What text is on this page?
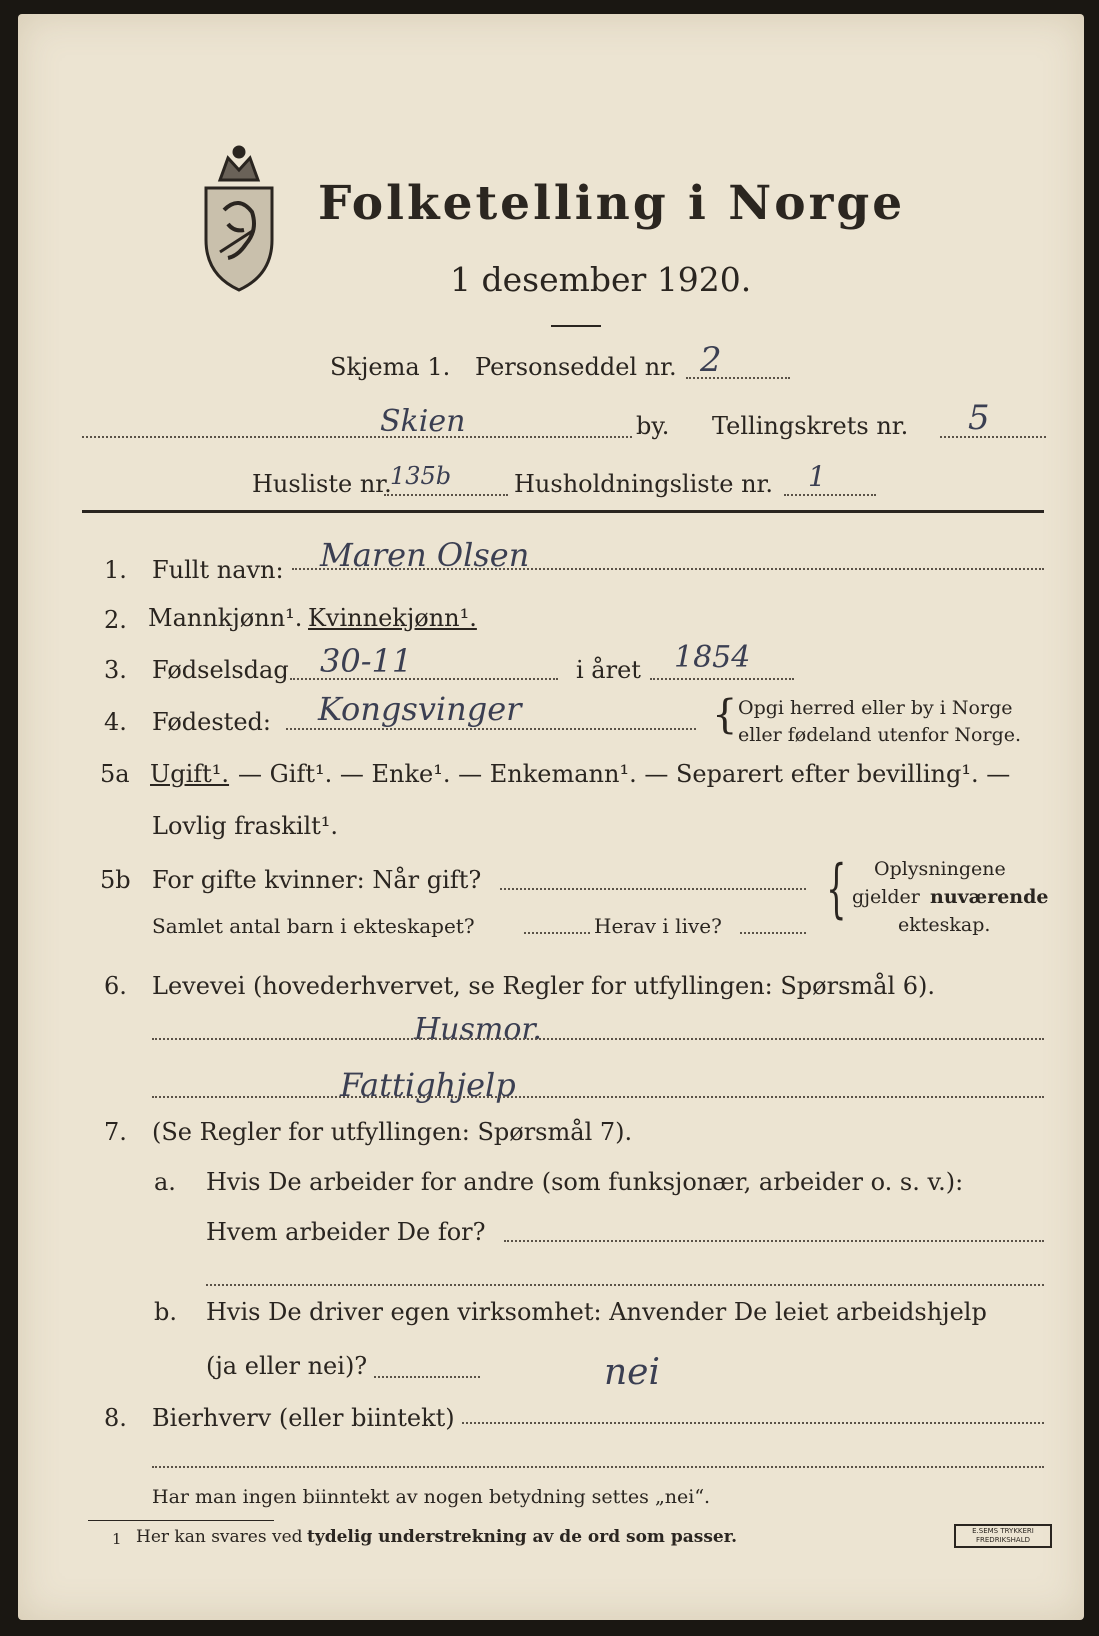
Folketelling i Norge
1 desember 1920.
Skjema 1. Personseddel nr. 2
Skien	by. Tellingskrets nr. 5
Husliste nr.
135b	Husholdningsliste nr. 1
1. Fullt navn: Maren Olsen
2. Mannkjønn¹. Kvinnekjønn¹.
3. Fødselsdag 30-11	i året 1854
4. Fødested: Kongsvinger	{ Opgi herred eller by i Norge
eller fødeland utenfor Norge.
5a Ugift¹. — Gift¹. — Enke¹. — Enkemann¹. — Separert efter bevilling¹. —
Lovlig fraskilt¹.
5b For gifte kvinner: Når gift?
Samlet antal barn i ekteskapet?	Herav i live? { Oplysningene
gjelder nuværende
ekteskap.
6. Levevei (hovederhvervet, se Regler for utfyllingen: Spørsmål 6).
Husmor.
Fattighjelp
7. (Se Regler for utfyllingen: Spørsmål 7).
a. Hvis De arbeider for andre (som funksjonær, arbeider o. s. v.):
Hvem arbeider De for?
b. Hvis De driver egen virksomhet: Anvender De leiet arbeidshjelp
(ja eller nei)?	nei
8. Bierhverv (eller biintekt)
Har man ingen biinntekt av nogen betydning settes „nei“.
1 Her kan svares ved tydelig understrekning av de ord som passer.	E.SEMS TRYKKERI
FREDRIKSHALD
